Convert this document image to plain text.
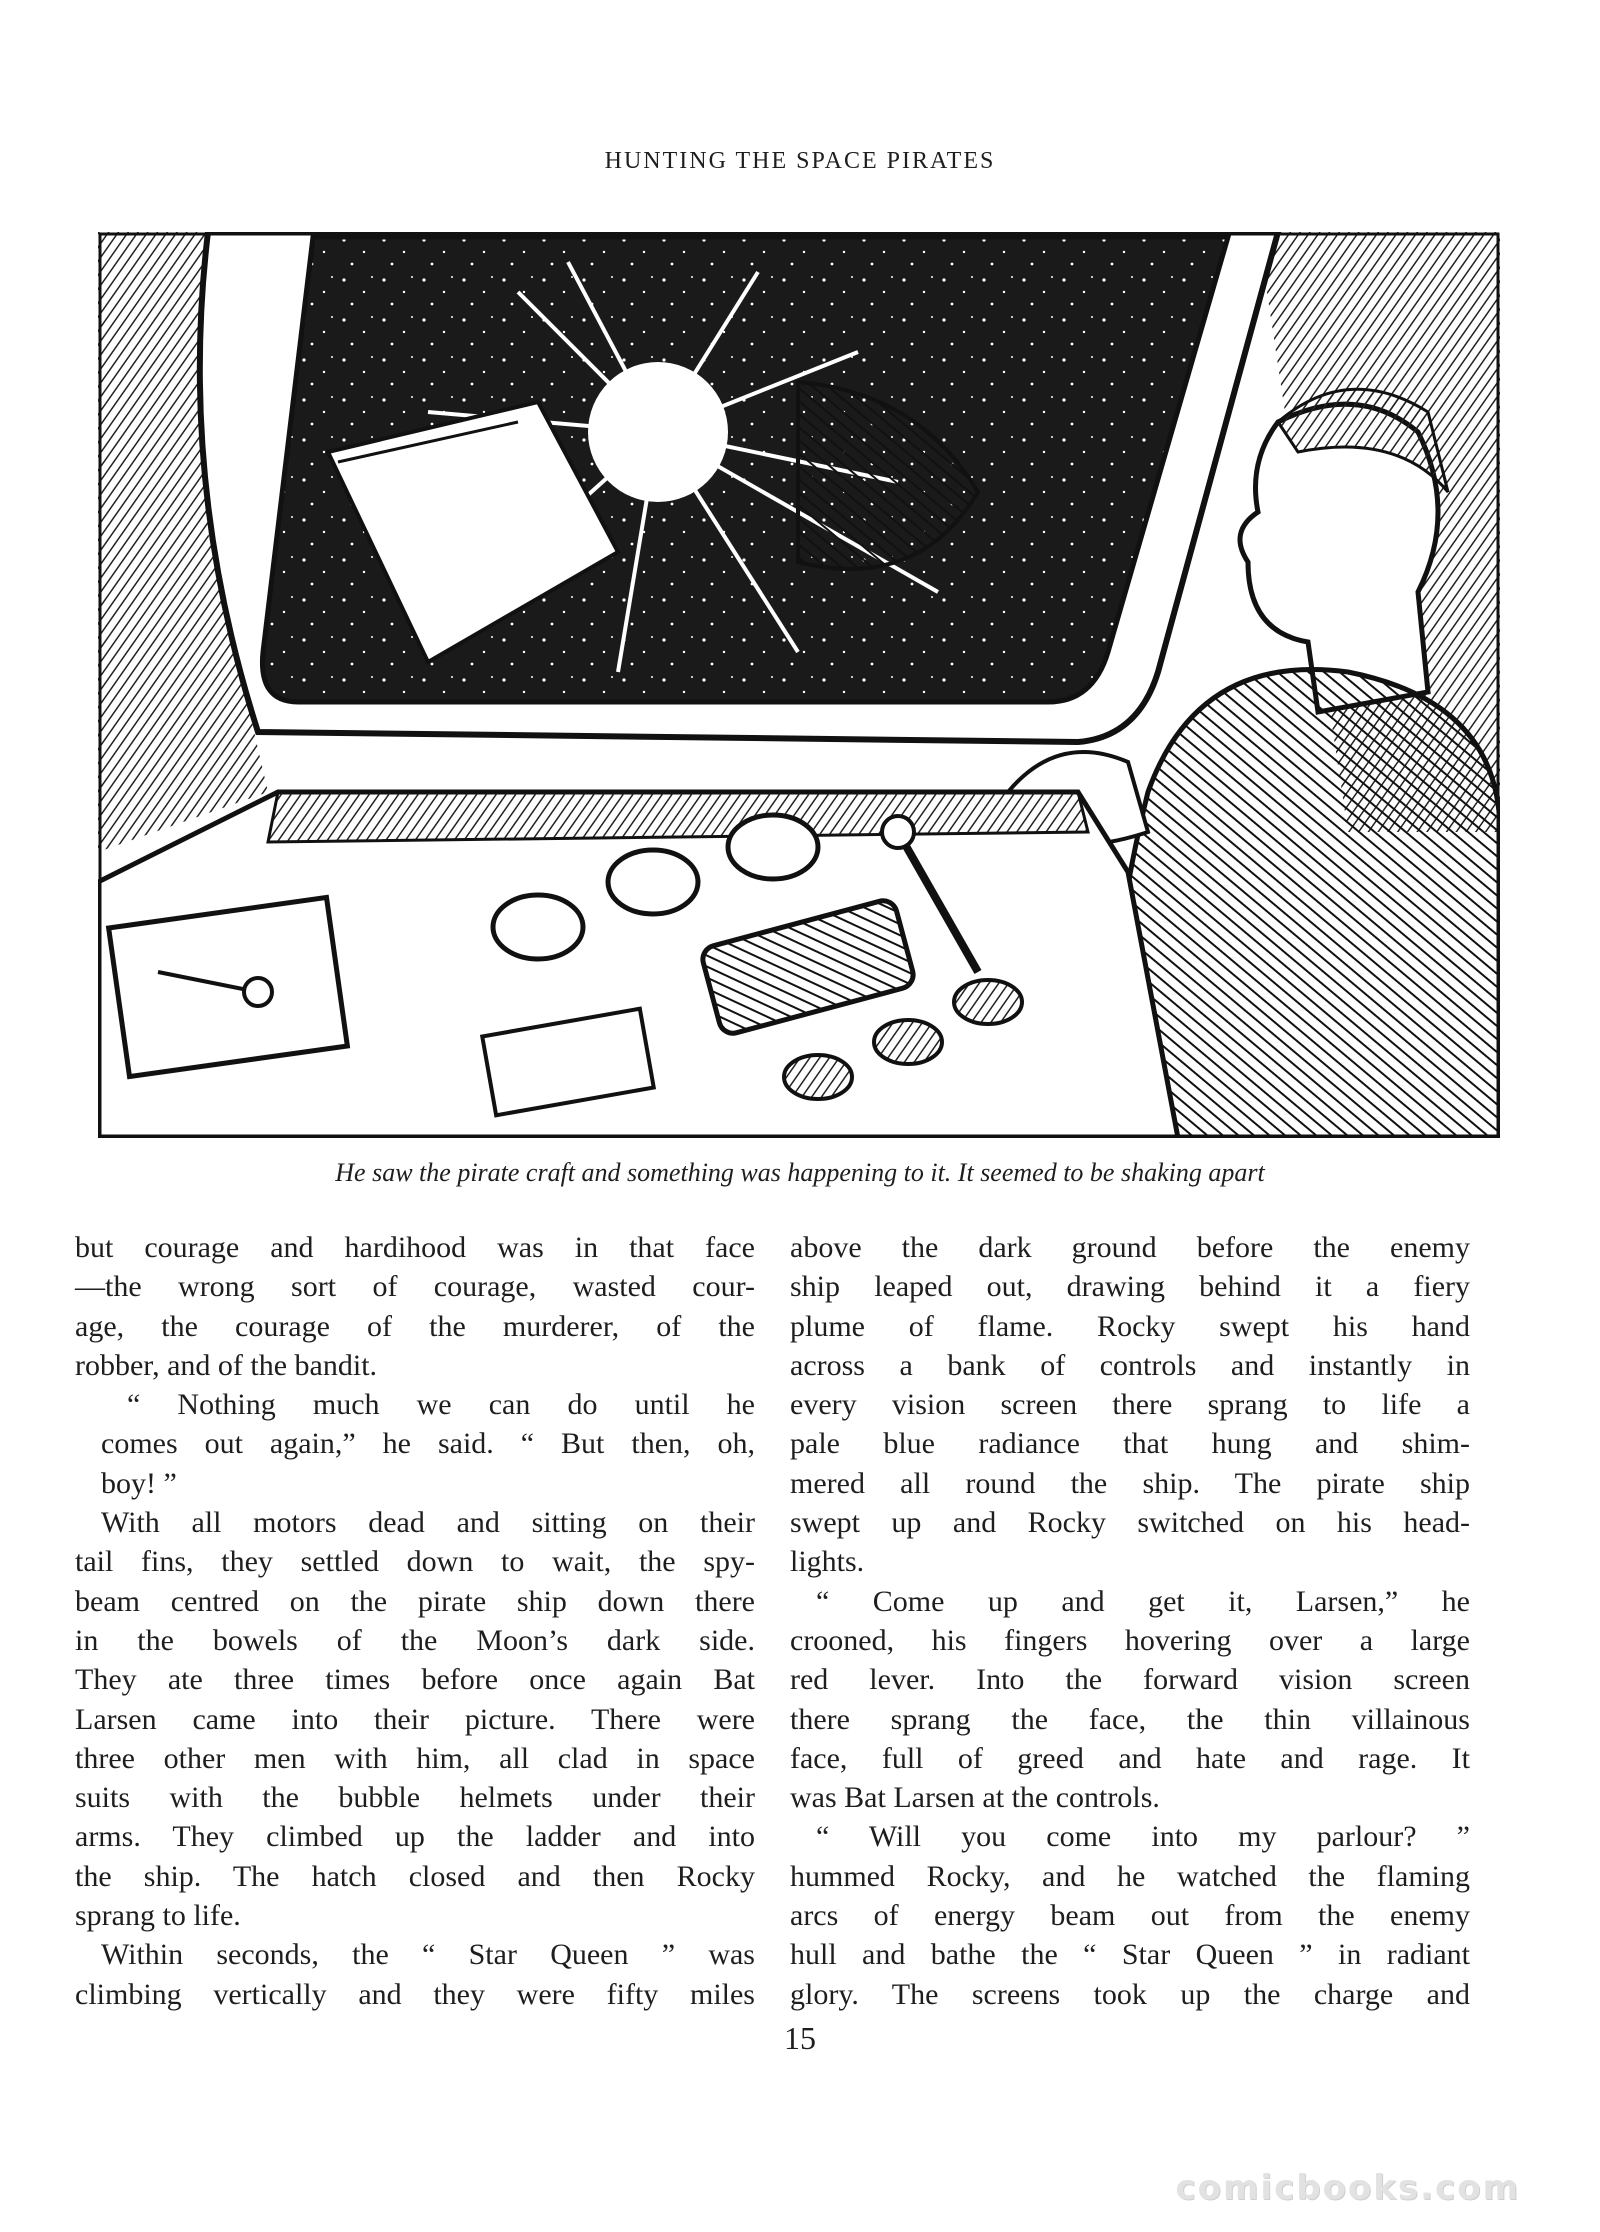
HUNTING THE SPACE PIRATES
He saw the pirate craft and something was happening to it. It seemed to be shaking apart

but courage and hardihood was in that face
—the wrong sort of courage, wasted cour-
age, the courage of the murderer, of the
robber, and of the bandit.

“ Nothing much we can do until he
comes out again,” he said. “ But then, oh,
boy! ”

With all motors dead and sitting on their
tail fins, they settled down to wait, the spy-
beam centred on the pirate ship down there
in the bowels of the Moon’s dark side.
They ate three times before once again Bat
Larsen came into their picture. There were
three other men with him, all clad in space
suits with the bubble helmets under their
arms. They climbed up the ladder and into
the ship. The hatch closed and then Rocky
sprang to life.

Within seconds, the “ Star Queen ” was
climbing vertically and they were fifty miles

above the dark ground before the enemy
ship leaped out, drawing behind it a fiery
plume of flame. Rocky swept his hand
across a bank of controls and instantly in
every vision screen there sprang to life a
pale blue radiance that hung and shim-
mered all round the ship. The pirate ship
swept up and Rocky switched on his head-
lights.

“ Come up and get it, Larsen,” he
crooned, his fingers hovering over a large
red lever. Into the forward vision screen
there sprang the face, the thin villainous
face, full of greed and hate and rage. It
was Bat Larsen at the controls.

“ Will you come into my parlour? ”
hummed Rocky, and he watched the flaming
arcs of energy beam out from the enemy
hull and bathe the “ Star Queen ” in radiant
glory. The screens took up the charge and

15
comicbooks.com
